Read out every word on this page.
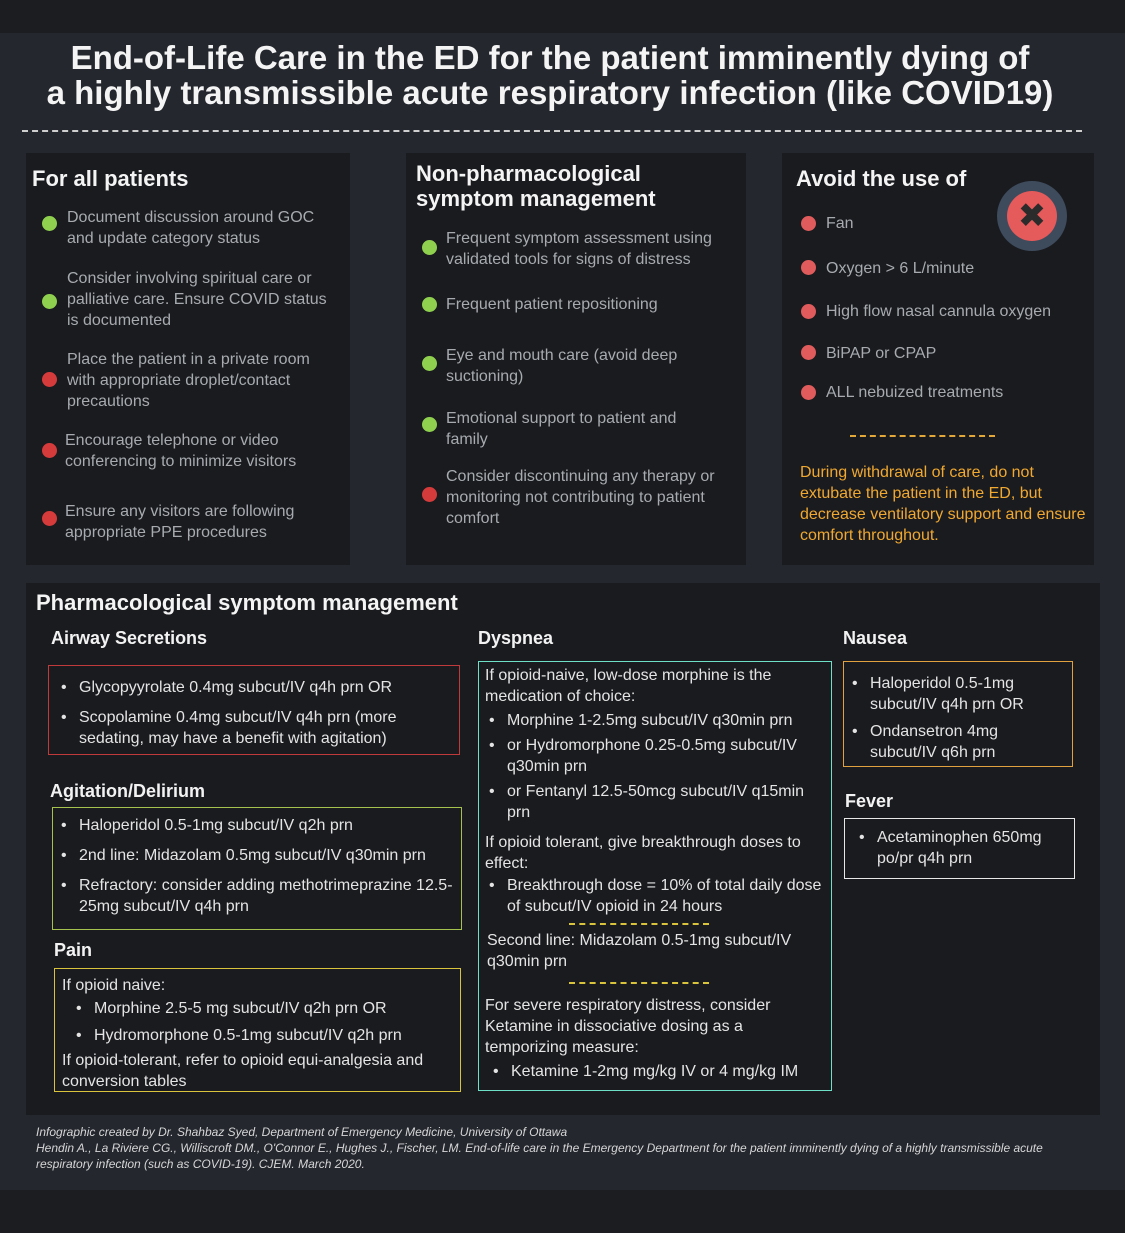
End-of-Life Care in the ED for the patient imminently dying of
a highly transmissible acute respiratory infection (like COVID19)
For all patients
Document discussion around GOC and update category status
Consider involving spiritual care or palliative care. Ensure COVID status is documented
Place the patient in a private room with appropriate droplet/contact precautions
Encourage telephone or video conferencing to minimize visitors
Ensure any visitors are following appropriate PPE procedures
Non-pharmacological
symptom management
Frequent symptom assessment using validated tools for signs of distress
Frequent patient repositioning
Eye and mouth care (avoid deep suctioning)
Emotional support to patient and family
Consider discontinuing any therapy or monitoring not contributing to patient comfort
Avoid the use of
✖
Fan
Oxygen > 6 L/minute
High flow nasal cannula oxygen
BiPAP or CPAP
ALL nebuized treatments
During withdrawal of care, do not extubate the patient in the ED, but decrease ventilatory support and ensure comfort throughout.
Pharmacological symptom management
Airway Secretions
• Glycopyyrolate 0.4mg subcut/IV q4h prn OR
• Scopolamine 0.4mg subcut/IV q4h prn (more sedating, may have a benefit with agitation)
Agitation/Delirium
• Haloperidol 0.5-1mg subcut/IV q2h prn
• 2nd line: Midazolam 0.5mg subcut/IV q30min prn
• Refractory: consider adding methotrimeprazine 12.5-25mg subcut/IV q4h prn
Pain

If opioid naive:

• Morphine 2.5-5 mg subcut/IV q2h prn OR
• Hydromorphone 0.5-1mg subcut/IV q2h prn

If opioid-tolerant, refer to opioid equi-analgesia and conversion tables

Dyspnea

If opioid-naive, low-dose morphine is the medication of choice:

• Morphine 1-2.5mg subcut/IV q30min prn
• or Hydromorphone 0.25-0.5mg subcut/IV q30min prn
• or Fentanyl 12.5-50mcg subcut/IV q15min prn

If opioid tolerant, give breakthrough doses to effect:

• Breakthrough dose = 10% of total daily dose of subcut/IV opioid in 24 hours

Second line: Midazolam 0.5-1mg subcut/IV q30min prn

For severe respiratory distress, consider Ketamine in dissociative dosing as a temporizing measure:

• Ketamine 1-2mg mg/kg IV or 4 mg/kg IM
Nausea
• Haloperidol 0.5-1mg subcut/IV q4h prn OR
• Ondansetron 4mg subcut/IV q6h prn
Fever
• Acetaminophen 650mg po/pr q4h prn
Infographic created by Dr. Shahbaz Syed, Department of Emergency Medicine, University of Ottawa
Hendin A., La Riviere CG., Williscroft DM., O'Connor E., Hughes J., Fischer, LM. End-of-life care in the Emergency Department for the patient imminently dying of a highly transmissible acute respiratory infection (such as COVID-19). CJEM. March 2020.
